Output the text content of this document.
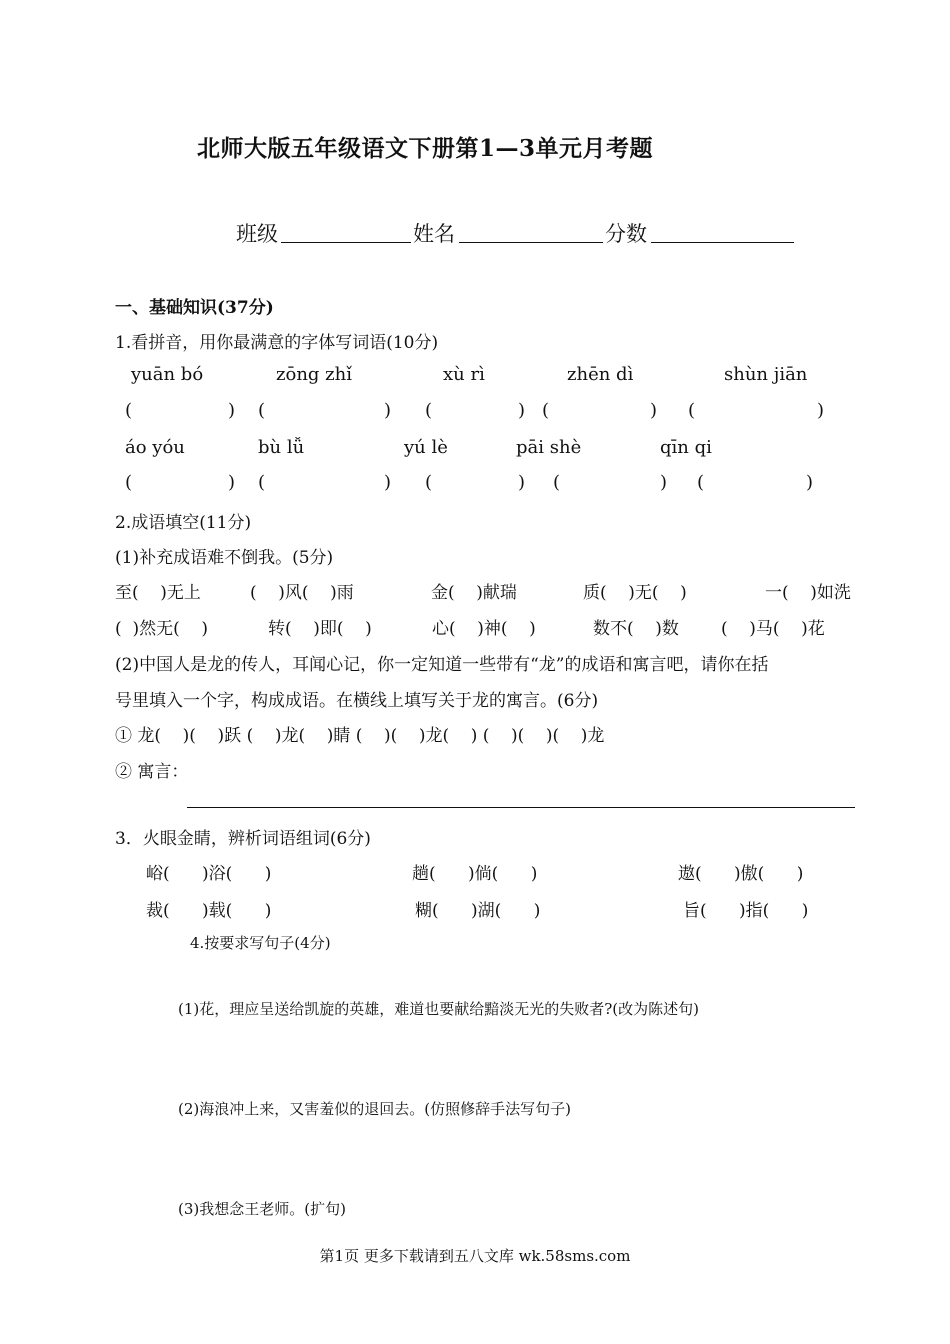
北师大版五年级语文下册第1—3单元月考题
班级	姓名	分数
一、基础知识(37分)
1.看拼音，用你最满意的字体写词语(10分)
yuān bó	zōng zhǐ	xù rì	zhēn dì	shùn jiān
(	) (	) (	) (	) (	)
áo yóu	bù lǚ	yú lè	pāi shè	qīn qi
(	) (	) (	) (	) (	)
2.成语填空(11分)
(1)补充成语难不倒我。(5分)
至(    )无上	(    )风(    )雨	金(    )献瑞	质(    )无(    )	一(    )如洗
(  )然无(    )	转(    )即(    )	心(    )神(    )	数不(    )数 (    )马(    )花
(2)中国人是龙的传人，耳闻心记，你一定知道一些带有“龙”的成语和寓言吧，请你在括
号里填入一个字，构成成语。在横线上填写关于龙的寓言。(6分)
① 龙(    )(    )跃 (    )龙(    )睛 (    )(    )龙(    ) (    )(    )(    )龙
② 寓言：
3．火眼金睛，辨析词语组词(6分)
峪(      )浴(      )	趟(      )倘(      )	遨(      )傲(      )
裁(      )载(      )	糊(      )湖(      )	旨(      )指(      )
4.按要求写句子(4分)
(1)花，理应呈送给凯旋的英雄，难道也要献给黯淡无光的失败者?(改为陈述句)
(2)海浪冲上来，又害羞似的退回去。(仿照修辞手法写句子)
(3)我想念王老师。(扩句)
第1页 更多下载请到五八文库 wk.58sms.com
